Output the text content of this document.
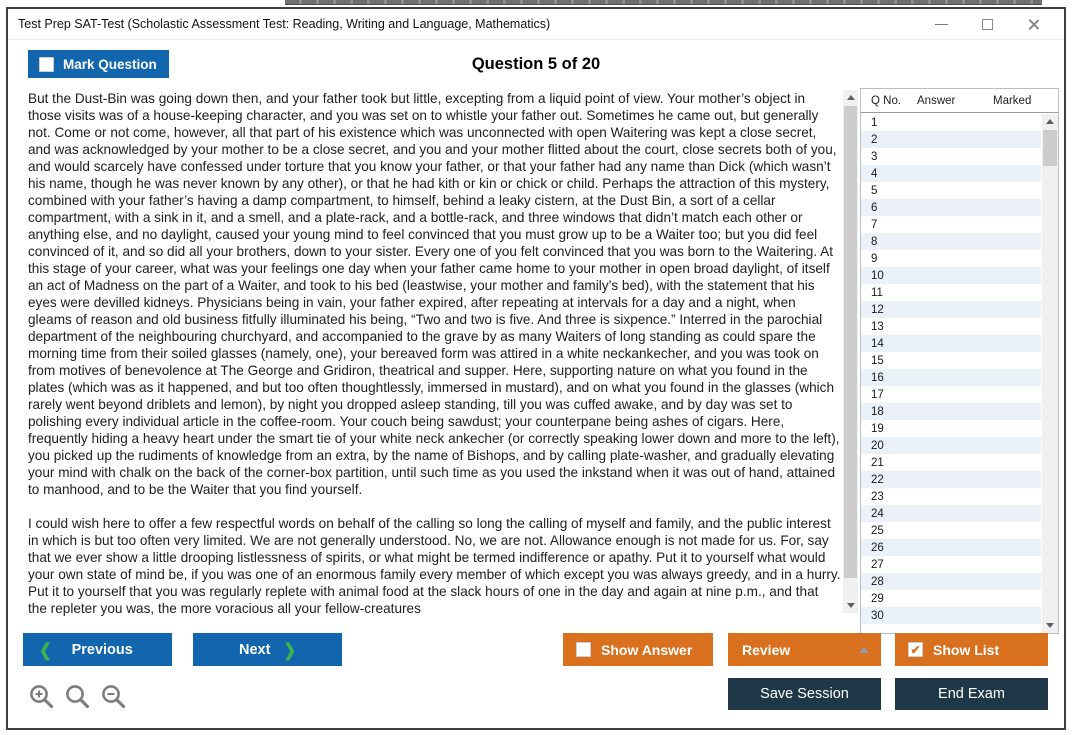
Test Prep SAT-Test (Scholastic Assessment Test: Reading, Writing and Language, Mathematics)
Mark Question	Question 5 of 20

But the Dust-Bin was going down then, and your father took but little, excepting from a liquid point of view. Your mother’s object in those visits was of a house-keeping character, and you was set on to whistle your father out. Sometimes he came out, but generally not. Come or not come, however, all that part of his existence which was unconnected with open Waitering was kept a close secret, and was acknowledged by your mother to be a close secret, and you and your mother flitted about the court, close secrets both of you, and would scarcely have confessed under torture that you know your father, or that your father had any name than Dick (which wasn’t his name, though he was never known by any other), or that he had kith or kin or chick or child. Perhaps the attraction of this mystery, combined with your father’s having a damp compartment, to himself, behind a leaky cistern, at the Dust Bin, a sort of a cellar compartment, with a sink in it, and a smell, and a plate-rack, and a bottle-rack, and three windows that didn’t match each other or anything else, and no daylight, caused your young mind to feel convinced that you must grow up to be a Waiter too; but you did feel convinced of it, and so did all your brothers, down to your sister. Every one of you felt convinced that you was born to the Waitering. At this stage of your career, what was your feelings one day when your father came home to your mother in open broad daylight, of itself an act of Madness on the part of a Waiter, and took to his bed (leastwise, your mother and family’s bed), with the statement that his eyes were devilled kidneys. Physicians being in vain, your father expired, after repeating at intervals for a day and a night, when gleams of reason and old business fitfully illuminated his being, “Two and two is five. And three is sixpence.” Interred in the parochial department of the neighbouring churchyard, and accompanied to the grave by as many Waiters of long standing as could spare the morning time from their soiled glasses (namely, one), your bereaved form was attired in a white neckankecher, and you was took on from motives of benevolence at The George and Gridiron, theatrical and supper. Here, supporting nature on what you found in the plates (which was as it happened, and but too often thoughtlessly, immersed in mustard), and on what you found in the glasses (which rarely went beyond driblets and lemon), by night you dropped asleep standing, till you was cuffed awake, and by day was set to polishing every individual article in the coffee-room. Your couch being sawdust; your counterpane being ashes of cigars. Here, frequently hiding a heavy heart under the smart tie of your white neck ankecher (or correctly speaking lower down and more to the left), you picked up the rudiments of knowledge from an extra, by the name of Bishops, and by calling plate-washer, and gradually elevating your mind with chalk on the back of the corner-box partition, until such time as you used the inkstand when it was out of hand, attained to manhood, and to be the Waiter that you find yourself.

I could wish here to offer a few respectful words on behalf of the calling so long the calling of myself and family, and the public interest in which is but too often very limited. We are not generally understood. No, we are not. Allowance enough is not made for us. For, say that we ever show a little drooping listlessness of spirits, or what might be termed indifference or apathy. Put it to yourself what would your own state of mind be, if you was one of an enormous family every member of which except you was always greedy, and in a hurry. Put it to yourself that you was regularly replete with animal food at the slack hours of one in the day and again at nine p.m., and that the repleter you was, the more voracious all your fellow-creatures

Q No.	Answer	Marked
1
2
3
4
5
6
7
8
9
10
11
12
13
14
15
16
17
18
19
20
21
22
23
24
25
26
27
28
29
30
❮ Previous	Next ❯	Show Answer	Review	✔ Show List
Save Session	End Exam
